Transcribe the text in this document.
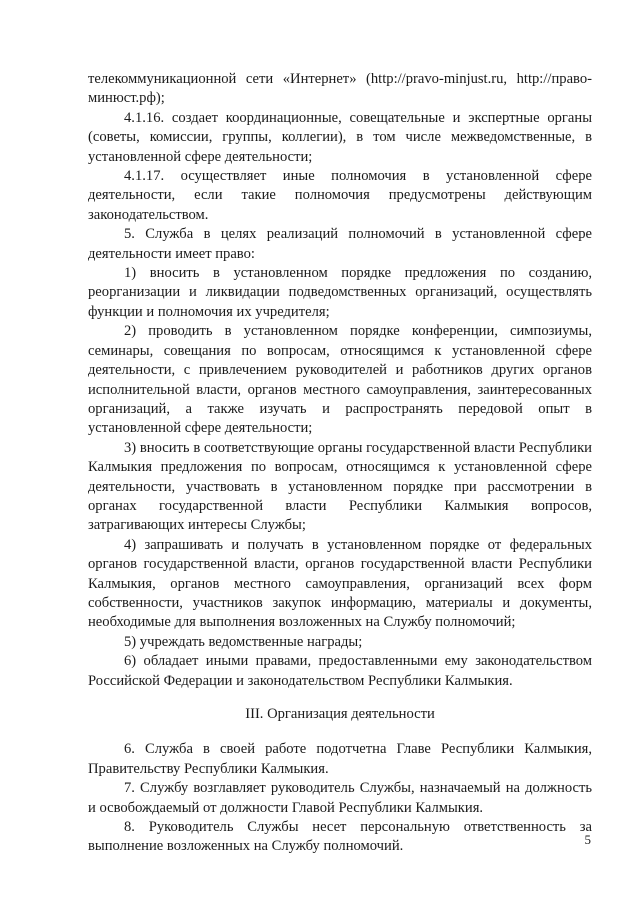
телекоммуникационной сети «Интернет» (http://pravo-minjust.ru, http://право-минюст.рф);

4.1.16. создает координационные, совещательные и экспертные органы (советы, комиссии, группы, коллегии), в том числе межведомственные, в установленной сфере деятельности;

4.1.17. осуществляет иные полномочия в установленной сфере деятельности, если такие полномочия предусмотрены действующим законодательством.

5. Служба в целях реализаций полномочий в установленной сфере деятельности имеет право:

1) вносить в установленном порядке предложения по созданию, реорганизации и ликвидации подведомственных организаций, осуществлять функции и полномочия их учредителя;

2) проводить в установленном порядке конференции, симпозиумы, семинары, совещания по вопросам, относящимся к установленной сфере деятельности, с привлечением руководителей и работников других органов исполнительной власти, органов местного самоуправления, заинтересованных организаций, а также изучать и распространять передовой опыт в установленной сфере деятельности;

3) вносить в соответствующие органы государственной власти Республики Калмыкия предложения по вопросам, относящимся к установленной сфере деятельности, участвовать в установленном порядке при рассмотрении в органах государственной власти Республики Калмыкия вопросов, затрагивающих интересы Службы;

4) запрашивать и получать в установленном порядке от федеральных органов государственной власти, органов государственной власти Республики Калмыкия, органов местного самоуправления, организаций всех форм собственности, участников закупок информацию, материалы и документы, необходимые для выполнения возложенных на Службу полномочий;

5) учреждать ведомственные награды;

6) обладает иными правами, предоставленными ему законодательством Российской Федерации и законодательством Республики Калмыкия.

III. Организация деятельности

6. Служба в своей работе подотчетна Главе Республики Калмыкия, Правительству Республики Калмыкия.

7. Службу возглавляет руководитель Службы, назначаемый на должность и освобождаемый от должности Главой Республики Калмыкия.

8. Руководитель Службы несет персональную ответственность за выполнение возложенных на Службу полномочий.	5
